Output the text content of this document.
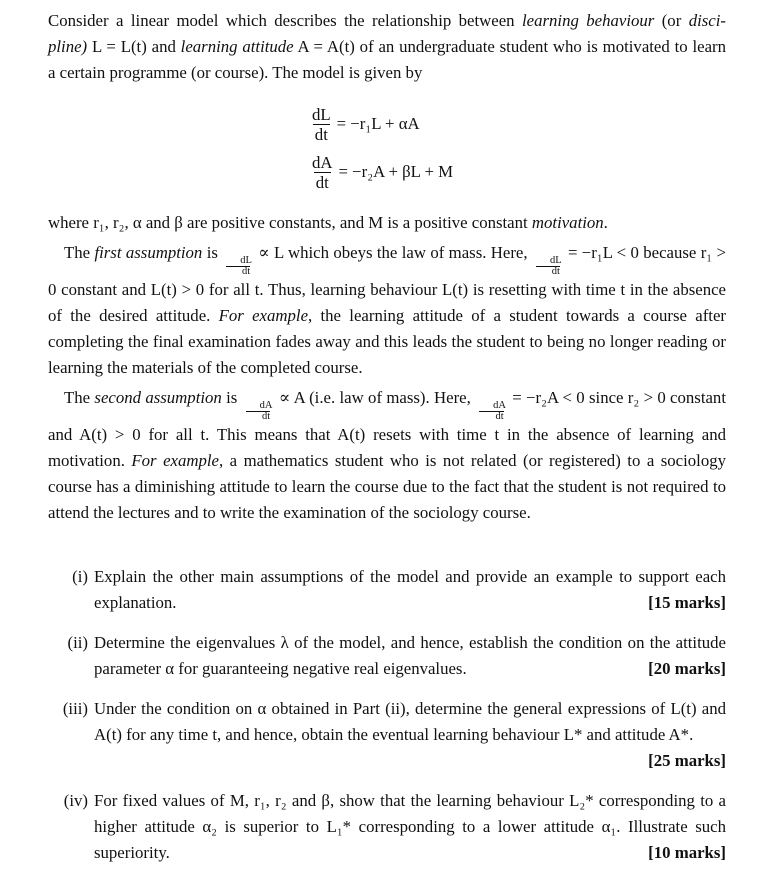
Consider a linear model which describes the relationship between learning behaviour (or disci-pline) L = L(t) and learning attitude A = A(t) of an undergraduate student who is motivated to learn a certain programme (or course). The model is given by

$\frac{dL}{dt} = -r_1L + \alpha A$
$\frac{dA}{dt} = -r_2A + \beta L + M$

where r₁, r₂, α and β are positive constants, and M is a positive constant motivation.

The first assumption is
$\frac{dL}{dt}$
∝ L which obeys the law of mass. Here,
$\frac{dL}{dt}$
= −r₁L < 0 because r₁ > 0 constant and L(t) > 0 for all t. Thus, learning behaviour L(t) is resetting with time t in the absence of the desired attitude. For example, the learning attitude of a student towards a course after completing the final examination fades away and this leads the student to being no longer reading or learning the materials of the completed course.

The second assumption is
$\frac{dA}{dt}$
∝ A (i.e. law of mass). Here,
$\frac{dA}{dt}$
= −r₂A < 0 since r₂ > 0 constant and A(t) > 0 for all t. This means that A(t) resets with time t in the absence of learning and motivation. For example, a mathematics student who is not related (or registered) to a sociology course has a diminishing attitude to learn the course due to the fact that the student is not required to attend the lectures and to write the examination of the sociology course.

(i) Explain the other main assumptions of the model and provide an example to support each explanation.	[15 marks]
(ii) Determine the eigenvalues λ of the model, and hence, establish the condition on the attitude parameter α for guaranteeing negative real eigenvalues.	[20 marks]
(iii) Under the condition on α obtained in Part (ii), determine the general expressions of L(t) and A(t) for any time t, and hence, obtain the eventual learning behaviour L* and attitude A*.
[25 marks]
(iv) For fixed values of M, r₁, r₂ and β, show that the learning behaviour L₂* corresponding to a higher attitude α₂ is superior to L₁* corresponding to a lower attitude α₁. Illustrate such superiority.	[10 marks]
